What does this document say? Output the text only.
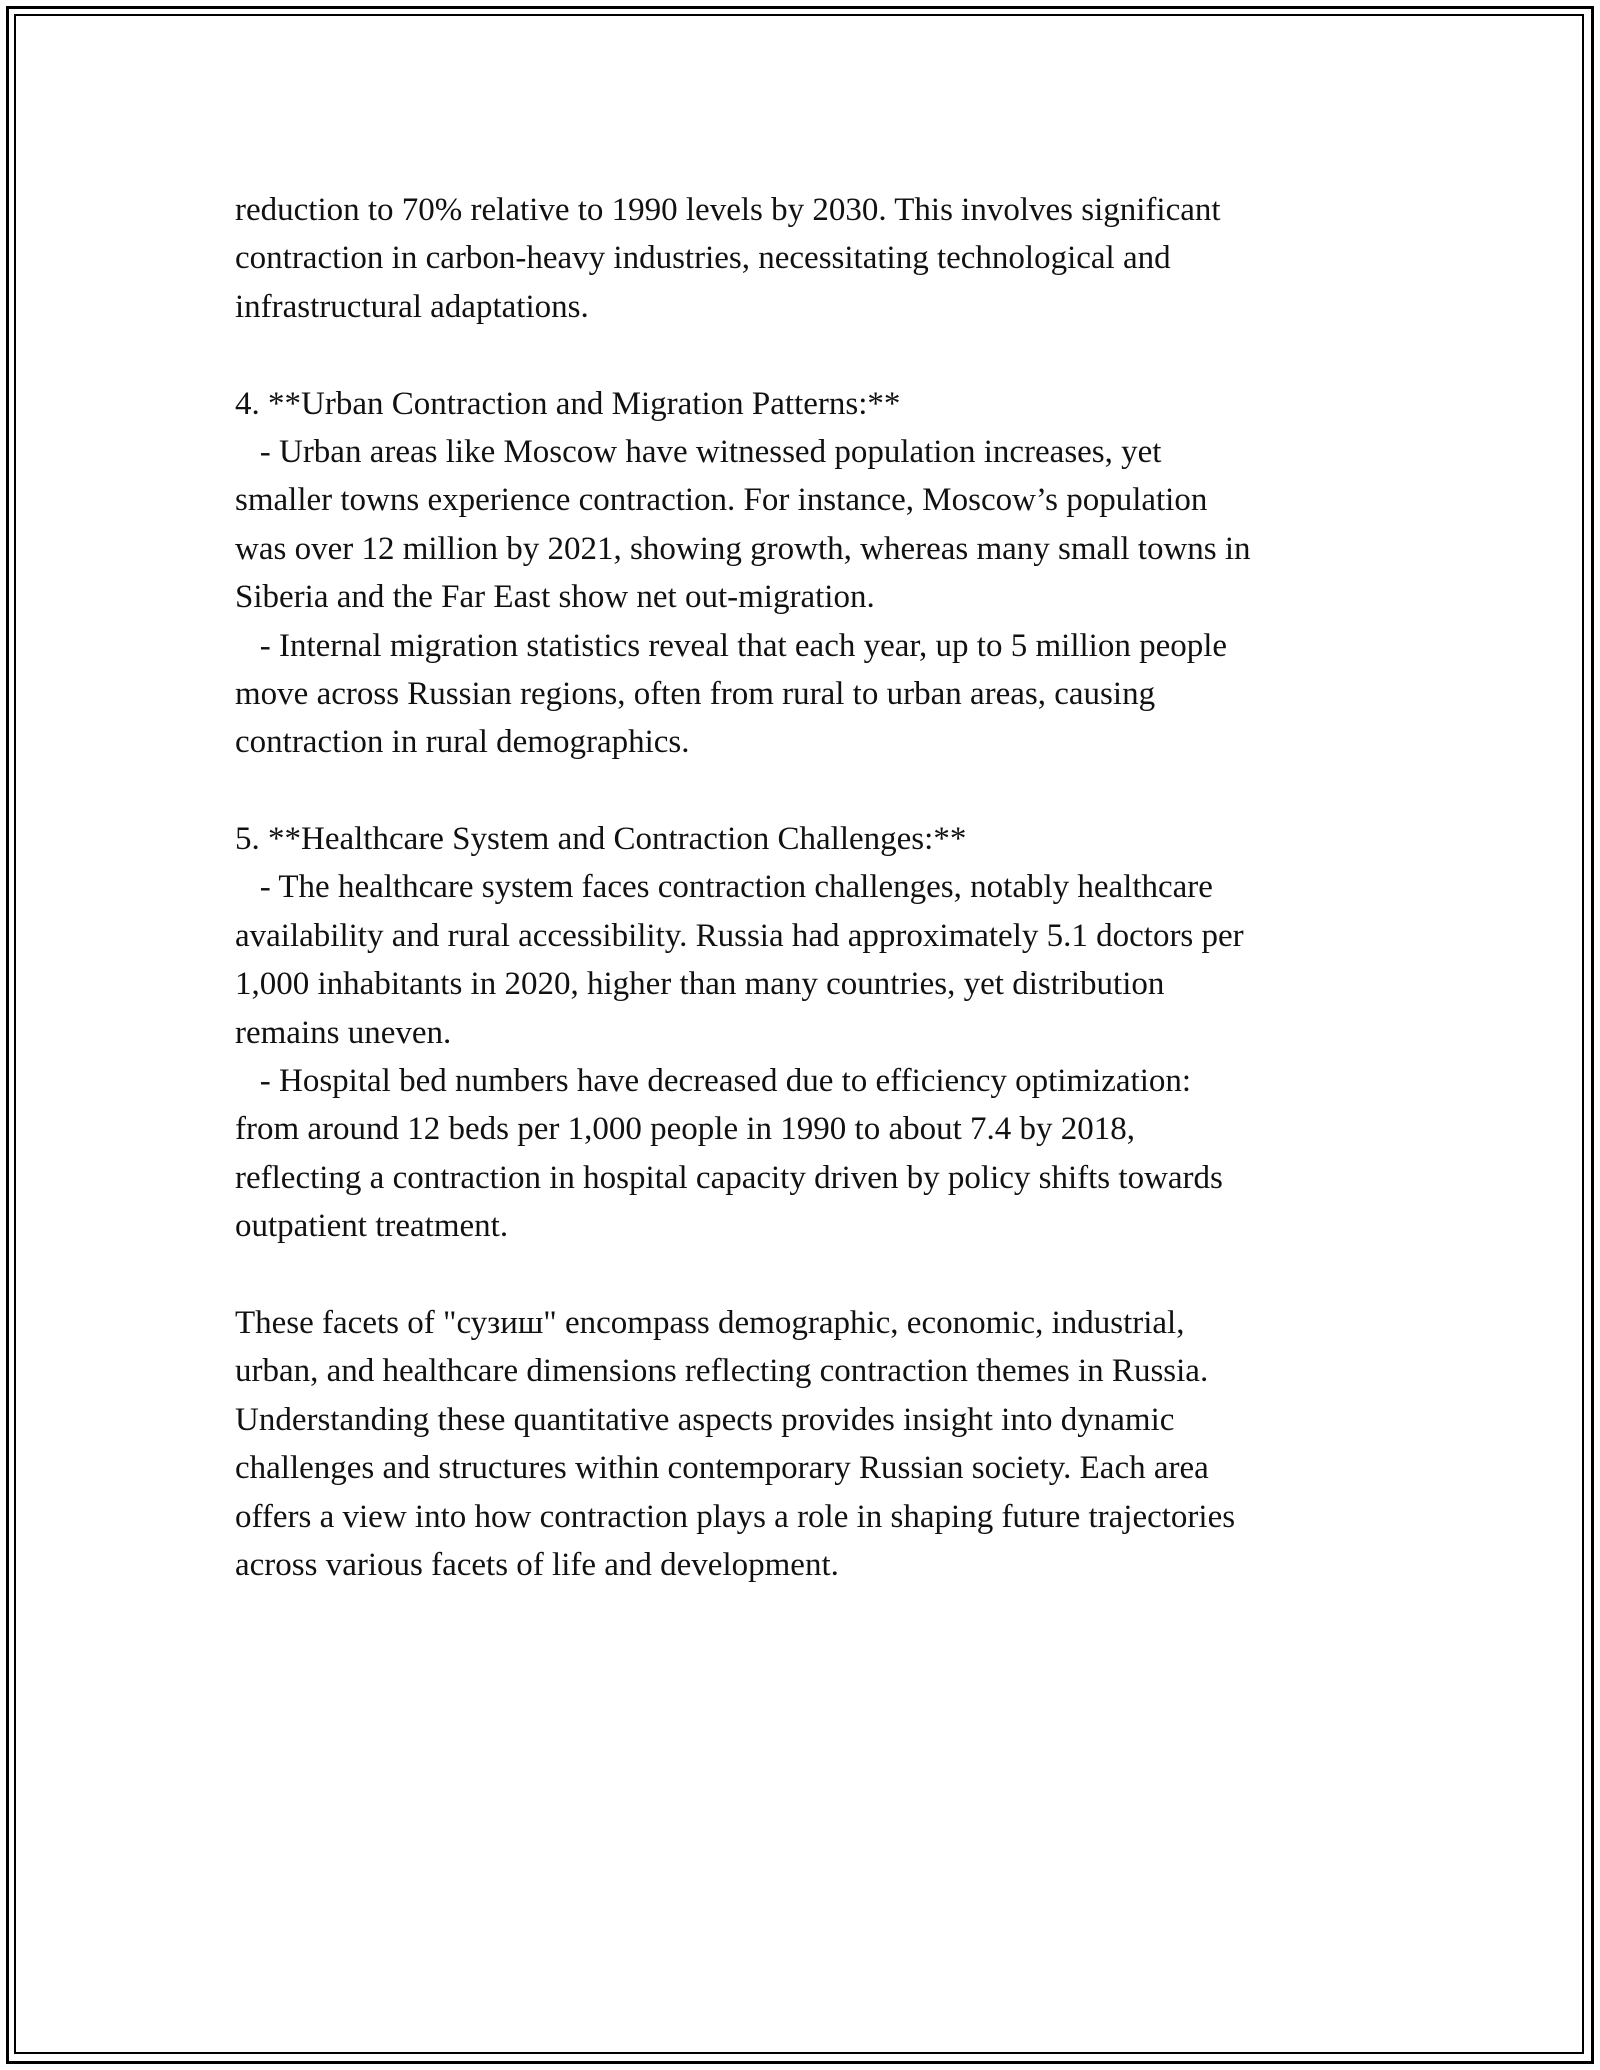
reduction to 70% relative to 1990 levels by 2030. This involves significant
contraction in carbon-heavy industries, necessitating technological and
infrastructural adaptations.
4. **Urban Contraction and Migration Patterns:**
- Urban areas like Moscow have witnessed population increases, yet
smaller towns experience contraction. For instance, Moscow’s population
was over 12 million by 2021, showing growth, whereas many small towns in
Siberia and the Far East show net out-migration.
- Internal migration statistics reveal that each year, up to 5 million people
move across Russian regions, often from rural to urban areas, causing
contraction in rural demographics.
5. **Healthcare System and Contraction Challenges:**
- The healthcare system faces contraction challenges, notably healthcare
availability and rural accessibility. Russia had approximately 5.1 doctors per
1,000 inhabitants in 2020, higher than many countries, yet distribution
remains uneven.
- Hospital bed numbers have decreased due to efficiency optimization:
from around 12 beds per 1,000 people in 1990 to about 7.4 by 2018,
reflecting a contraction in hospital capacity driven by policy shifts towards
outpatient treatment.
These facets of "сузиш" encompass demographic, economic, industrial,
urban, and healthcare dimensions reflecting contraction themes in Russia.
Understanding these quantitative aspects provides insight into dynamic
challenges and structures within contemporary Russian society. Each area
offers a view into how contraction plays a role in shaping future trajectories
across various facets of life and development.
